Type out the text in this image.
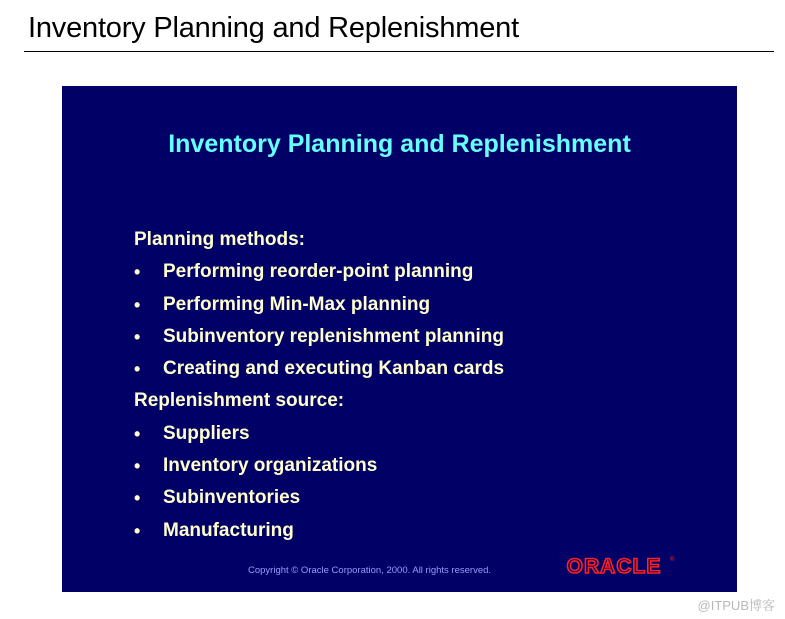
Inventory Planning and Replenishment
Inventory Planning and Replenishment
Planning methods:
• Performing reorder-point planning
• Performing Min-Max planning
• Subinventory replenishment planning
• Creating and executing Kanban cards
Replenishment source:
• Suppliers
• Inventory organizations
• Subinventories
• Manufacturing
Copyright © Oracle Corporation, 2000. All rights reserved.	ORACLE ®
@ITPUB博客
